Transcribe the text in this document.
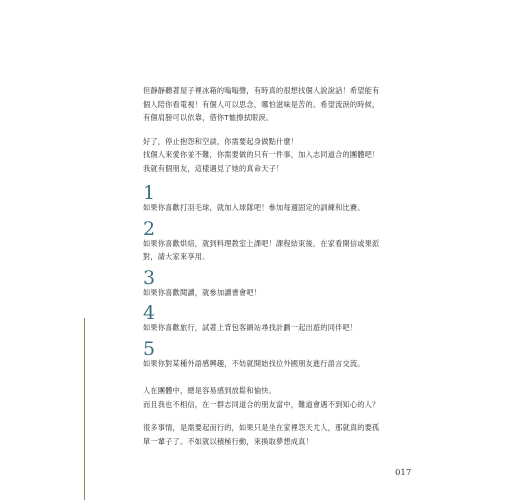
但靜靜聽著屋子裡冰箱的嗡嗡聲，有時真的很想找個人說說話！希望能有
個人陪你看電視！有個人可以思念，哪怕滋味是苦的。希望流淚的時候，
有個肩膀可以依靠，借你T恤擦拭眼淚。

好了，停止抱怨和空談，你需要起身做點什麼！
找個人來愛你並不難，你需要做的只有一件事，加入志同道合的團體吧！
我就有個朋友，這樣遇見了她的真命天子！

1
如果你喜歡打羽毛球，就加入球隊吧！參加每週固定的訓練和比賽。
2
如果你喜歡烘焙，就到料理教室上課吧！課程結束後，在家看開信或果派
對，請大家來享用。
3
如果你喜歡閱讀，就參加讀書會吧！
4
如果你喜歡旅行，試著上背包客網站尋找計劃一起出遊的同伴吧！
5
如果你對某種外語感興趣，不妨就開始找位外國朋友進行語言交流。

人在團體中，總是容易感到放鬆和愉快。
而且我也不相信，在一群志同道合的朋友當中，難道會遇不到知心的人？

很多事情，是需要起而行的，如果只是坐在家裡怨天尤人，那就真的要孤
單一輩子了。不如就以積極行動，來換取夢想成真！

017
